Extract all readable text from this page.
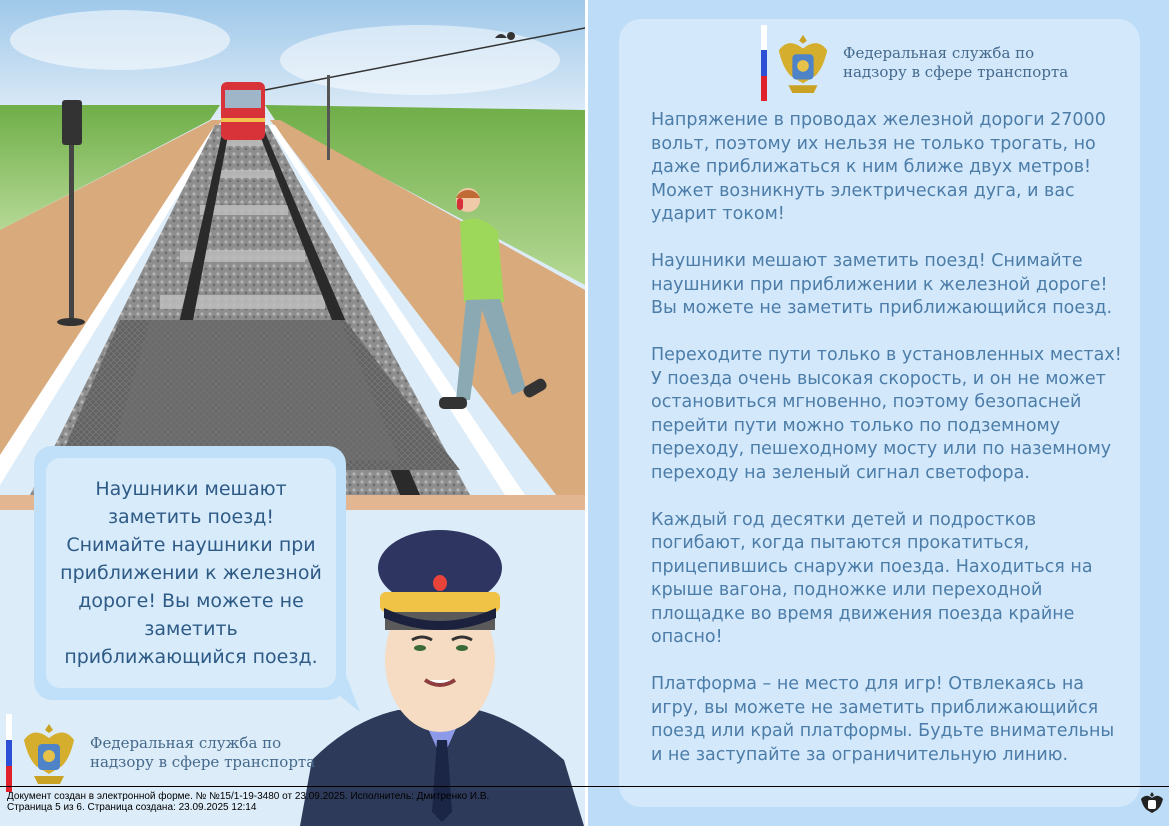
Наушники мешают заметить поезд! Снимайте наушники при приближении к железной дороге! Вы можете не заметить приближающийся поезд.
Федеральная служба по
надзору в сфере транспорта
Федеральная служба по
надзору в сфере транспорта

Напряжение в проводах железной дороги 27000 вольт, поэтому их нельзя не только трогать, но даже приближаться к ним ближе двух метров! Может возникнуть электрическая дуга, и вас ударит током!

Наушники мешают заметить поезд! Снимайте наушники при приближении к железной дороге! Вы можете не заметить приближающийся поезд.

Переходите пути только в установленных местах! У поезда очень высокая скорость, и он не может остановиться мгновенно, поэтому безопасней перейти пути можно только по подземному переходу, пешеходному мосту или по наземному переходу на зеленый сигнал светофора.

Каждый год десятки детей и подростков погибают, когда пытаются прокатиться, прицепившись снаружи поезда. Находиться на крыше вагона, подножке или переходной площадке во время движения поезда крайне опасно!

Платформа – не место для игр! Отвлекаясь на игру, вы можете не заметить приближающийся поезд или край платформы. Будьте внимательны и не заступайте за ограничительную линию.

Документ создан в электронной форме. № №15/1-19-3480 от 23.09.2025. Исполнитель: Дмитренко И.В.
Страница 5 из 6. Страница создана: 23.09.2025 12:14
